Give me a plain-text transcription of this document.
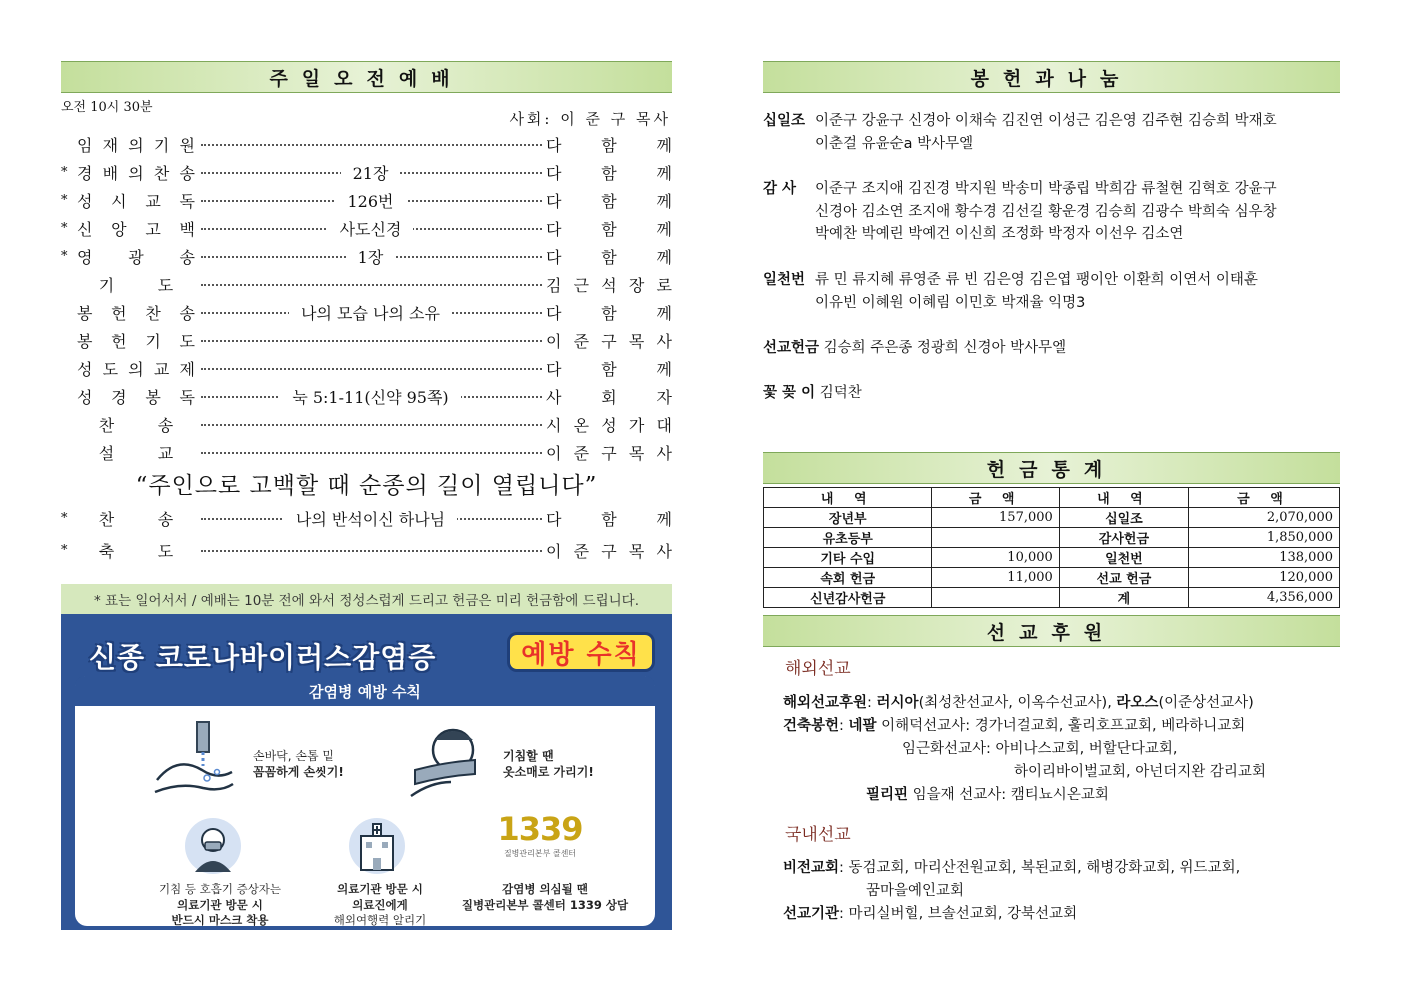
주일오전예배
오전 10시 30분
사회: 이 준 구 목사
임 재 의 기 원	다 함 께
* 경 배 의 찬 송	21장	다 함 께
* 성 시 교 독	126번	다 함 께
* 신 앙 고 백	사도신경	다 함 께
* 영 광 송	1장	다 함 께
기	도	김 근 석 장 로
봉 헌 찬 송	나의 모습 나의 소유	다 함 께
봉 헌 기 도	이 준 구 목 사
성 도 의 교 제	다 함 께
성 경 봉 독	눅 5:1-11(신약 95쪽)	사 회 자
찬	송	시 온 성 가 대
설	교	이 준 구 목 사
“주인으로 고백할 때 순종의 길이 열립니다”
*	찬	송	나의 반석이신 하나님	다 함 께
*	축	도	이 준 구 목 사
* 표는 일어서서 / 예배는 10분 전에 와서 정성스럽게 드리고 헌금은 미리 헌금함에 드립니다.
신종 코로나바이러스감염증	예방 수칙
감염병 예방 수칙
손바닥, 손톱 밑
꼼꼼하게 손씻기!
기침할 땐
옷소매로 가리기!
기침 등 호흡기 증상자는
의료기관 방문 시
반드시 마스크 착용
의료기관 방문 시
의료진에게
해외여행력 알리기
1339
질병관리본부 콜센터
감염병 의심될 땐
질병관리본부 콜센터 1339 상담
봉헌과나눔
십일조 이준구 강윤구 신경아 이채숙 김진연 이성근 김은영 김주현 김승희 박재호
이춘걸 유윤순a 박사무엘
감 사 이준구 조지애 김진경 박지원 박송미 박종립 박희감 류철현 김혁호 강윤구
신경아 김소연 조지애 황수경 김선길 황운경 김승희 김광수 박희숙 심우창
박예찬 박예린 박예건 이신희 조정화 박정자 이선우 김소연
일천번 류 민 류지혜 류영준 류 빈 김은영 김은엽 팽이안 이환희 이연서 이태훈
이유빈 이혜원 이혜림 이민호 박재율 익명3
선교헌금 김승희 주은종 정광희 신경아 박사무엘
꽃 꽂 이 김덕찬
헌금통계
내 역	금 액	내 역	금 액
장년부	157,000	십일조	2,070,000
유초등부		감사헌금	1,850,000
기타 수입	10,000	일천번	138,000
속회 헌금	11,000	선교 헌금	120,000
신년감사헌금		계	4,356,000
선교후원
해외선교
해외선교후원: 러시아(최성찬선교사, 이옥수선교사), 라오스(이준상선교사)
건축봉헌: 네팔 이해덕선교사: 경가너걸교회, 훌리호프교회, 베라하니교회
임근화선교사: 아비나스교회, 버할단다교회,
하이리바이벌교회, 아넌더지완 감리교회
필리핀 임을재 선교사: 캠티뇨시온교회
국내선교
비전교회: 동검교회, 마리산전원교회, 복된교회, 해병강화교회, 위드교회,
꿈마을예인교회
선교기관: 마리실버힐, 브솔선교회, 강북선교회
